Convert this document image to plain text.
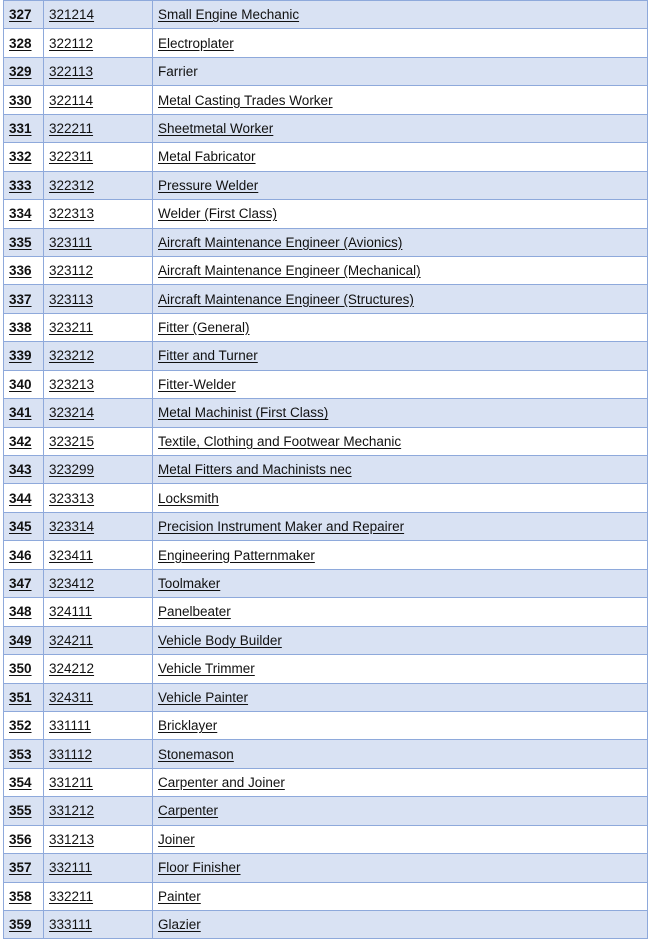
327	321214	Small Engine Mechanic
328	322112	Electroplater
329	322113	Farrier
330	322114	Metal Casting Trades Worker
331	322211	Sheetmetal Worker
332	322311	Metal Fabricator
333	322312	Pressure Welder
334	322313	Welder (First Class)
335	323111	Aircraft Maintenance Engineer (Avionics)
336	323112	Aircraft Maintenance Engineer (Mechanical)
337	323113	Aircraft Maintenance Engineer (Structures)
338	323211	Fitter (General)
339	323212	Fitter and Turner
340	323213	Fitter-Welder
341	323214	Metal Machinist (First Class)
342	323215	Textile, Clothing and Footwear Mechanic
343	323299	Metal Fitters and Machinists nec
344	323313	Locksmith
345	323314	Precision Instrument Maker and Repairer
346	323411	Engineering Patternmaker
347	323412	Toolmaker
348	324111	Panelbeater
349	324211	Vehicle Body Builder
350	324212	Vehicle Trimmer
351	324311	Vehicle Painter
352	331111	Bricklayer
353	331112	Stonemason
354	331211	Carpenter and Joiner
355	331212	Carpenter
356	331213	Joiner
357	332111	Floor Finisher
358	332211	Painter
359	333111	Glazier
